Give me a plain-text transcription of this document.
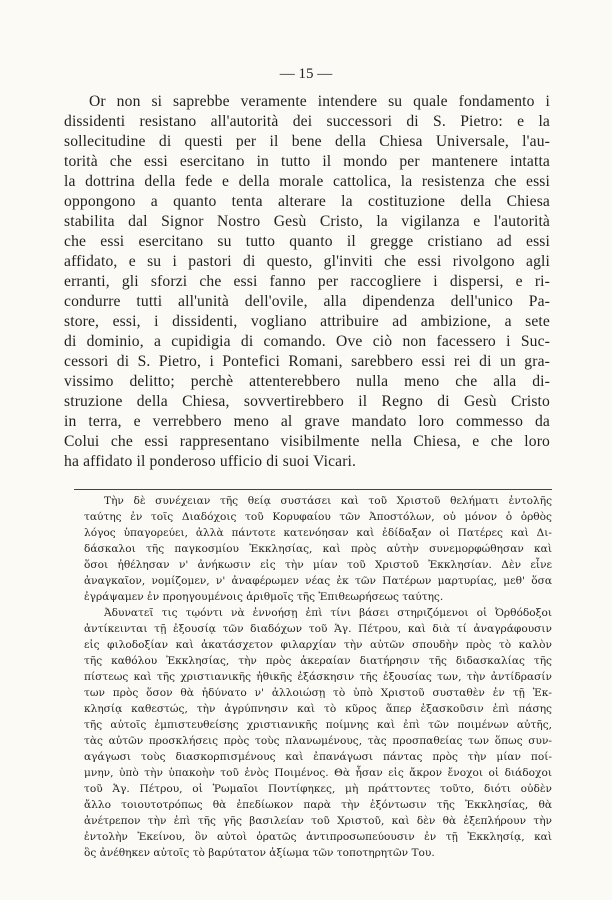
— 15 —
Or non si saprebbe veramente intendere su quale fondamento i
dissidenti resistano all'autorità dei successori di S. Pietro: e la
sollecitudine di questi per il bene della Chiesa Universale, l'au-
torità che essi esercitano in tutto il mondo per mantenere intatta
la dottrina della fede e della morale cattolica, la resistenza che essi
oppongono a quanto tenta alterare la costituzione della Chiesa
stabilita dal Signor Nostro Gesù Cristo, la vigilanza e l'autorità
che essi esercitano su tutto quanto il gregge cristiano ad essi
affidato, e su i pastori di questo, gl'inviti che essi rivolgono agli
erranti, gli sforzi che essi fanno per raccogliere i dispersi, e ri-
condurre tutti all'unità dell'ovile, alla dipendenza dell'unico Pa-
store, essi, i dissidenti, vogliano attribuire ad ambizione, a sete
di dominio, a cupidigia di comando. Ove ciò non facessero i Suc-
cessori di S. Pietro, i Pontefici Romani, sarebbero essi rei di un gra-
vissimo delitto; perchè attenterebbero nulla meno che alla di-
struzione della Chiesa, sovvertirebbero il Regno di Gesù Cristo
in terra, e verrebbero meno al grave mandato loro commesso da
Colui che essi rappresentano visibilmente nella Chiesa, e che loro
ha affidato il ponderoso ufficio di suoi Vicari.
Τὴν δὲ συνέχειαν τῆς θείᾳ συστάσει καὶ τοῦ Χριστοῦ θελήματι ἐντολῆς
ταύτης ἐν τοῖς Διαδόχοις τοῦ Κορυφαίου τῶν Ἀποστόλων, οὐ μόνον ὁ ὀρθὸς
λόγος ὑπαγορεύει, ἀλλὰ πάντοτε κατενόησαν καὶ ἐδίδαξαν οἱ Πατέρες καὶ Δι-
δάσκαλοι τῆς παγκοσμίου Ἐκκλησίας, καὶ πρὸς αὐτὴν συνεμορφώθησαν καὶ
ὅσοι ἠθέλησαν ν' ἀνήκωσιν εἰς τὴν μίαν τοῦ Χριστοῦ Ἐκκλησίαν. Δὲν εἶνε
ἀναγκαῖον, νομίζομεν, ν' ἀναφέρωμεν νέας ἐκ τῶν Πατέρων μαρτυρίας, μεθ' ὅσα
ἐγράψαμεν ἐν προηγουμένοις ἀριθμοῖς τῆς Ἐπιθεωρήσεως ταύτης.
Ἀδυνατεῖ τις τῳόντι νὰ ἐννοήσῃ ἐπὶ τίνι βάσει στηριζόμενοι οἱ Ὀρθόδοξοι
ἀντίκεινται τῇ ἐξουσίᾳ τῶν διαδόχων τοῦ Ἁγ. Πέτρου, καὶ διὰ τί ἀναγράφουσιν
εἰς φιλοδοξίαν καὶ ἀκατάσχετον φιλαρχίαν τὴν αὐτῶν σπουδὴν πρὸς τὸ καλὸν
τῆς καθόλου Ἐκκλησίας, τὴν πρὸς ἀκεραίαν διατήρησιν τῆς διδασκαλίας τῆς
πίστεως καὶ τῆς χριστιανικῆς ἠθικῆς ἐξάσκησιν τῆς ἐξουσίας των, τὴν ἀντίδρασίν
των πρὸς ὅσον θὰ ἠδύνατο ν' ἀλλοιώσῃ τὸ ὑπὸ Χριστοῦ συσταθὲν ἐν τῇ Ἐκ-
κλησίᾳ καθεστώς, τὴν ἀγρύπνησιν καὶ τὸ κῦρος ἅπερ ἐξασκοῦσιν ἐπὶ πάσης
τῆς αὐτοῖς ἐμπιστευθείσης χριστιανικῆς ποίμνης καὶ ἐπὶ τῶν ποιμένων αὐτῆς,
τὰς αὐτῶν προσκλήσεις πρὸς τοὺς πλανωμένους, τὰς προσπαθείας των ὅπως συν-
αγάγωσι τοὺς διασκορπισμένους καὶ ἐπανάγωσι πάντας πρὸς τὴν μίαν ποί-
μνην, ὑπὸ τὴν ὑπακοὴν τοῦ ἑνὸς Ποιμένος. Θὰ ἦσαν εἰς ἄκρον ἔνοχοι οἱ διάδοχοι
τοῦ Ἁγ. Πέτρου, οἱ Ῥωμαῖοι Ποντίφηκες, μὴ πράττοντες τοῦτο, διότι οὐδὲν
ἄλλο τοιουτοτρόπως θὰ ἐπεδίωκον παρὰ τὴν ἐξόντωσιν τῆς Ἐκκλησίας, θὰ
ἀνέτρεπον τὴν ἐπὶ τῆς γῆς βασιλείαν τοῦ Χριστοῦ, καὶ δὲν θὰ ἐξεπλήρουν τὴν
ἐντολὴν Ἐκείνου, ὃν αὐτοὶ ὁρατῶς ἀντιπροσωπεύουσιν ἐν τῇ Ἐκκλησίᾳ, καὶ
ὃς ἀνέθηκεν αὐτοῖς τὸ βαρύτατον ἀξίωμα τῶν τοποτηρητῶν Του.
